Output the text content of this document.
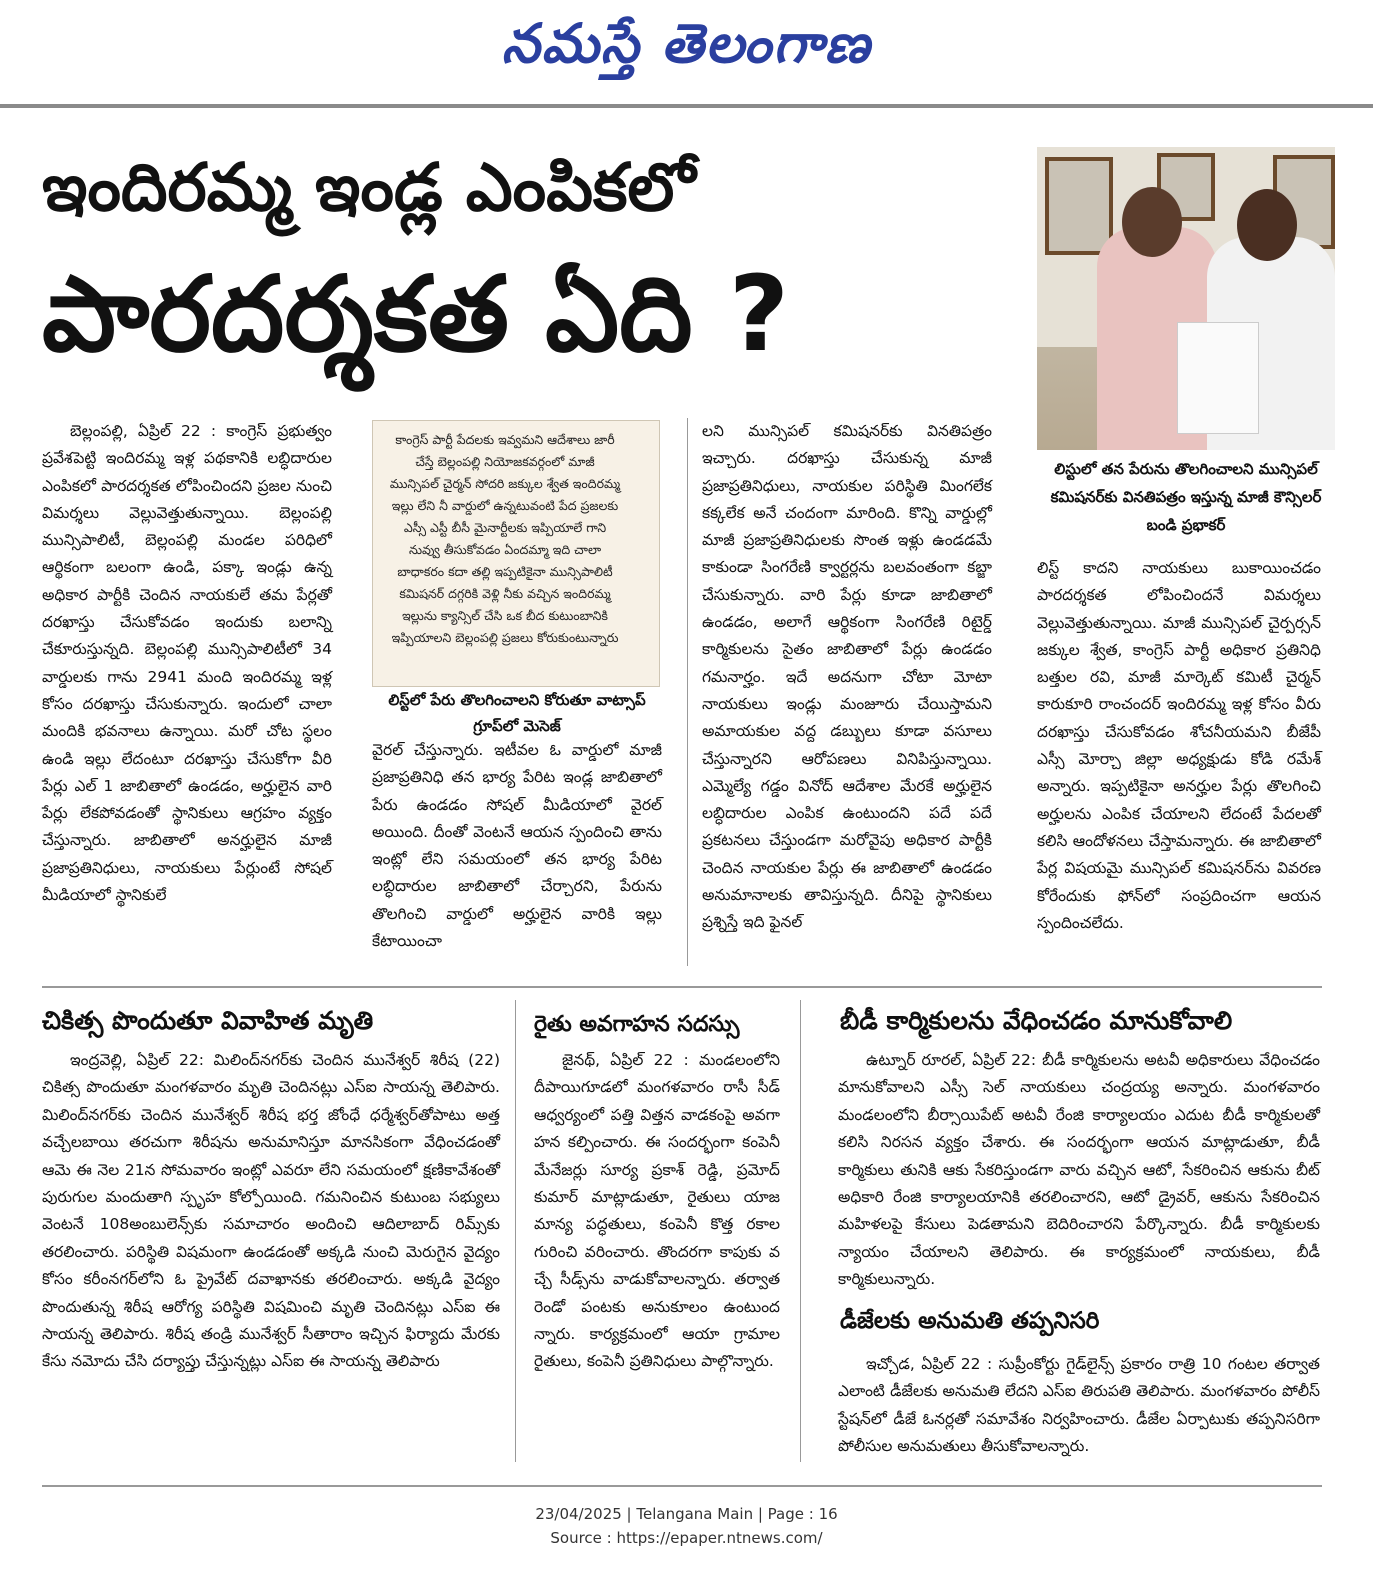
నమస్తే తెలంగాణ
ఇందిరమ్మ ఇండ్ల ఎంపికలో
పారదర్శకత ఏది ?
లిస్టులో తన పేరును తొలగించాలని మున్సిపల్ కమిషనర్‌కు వినతిపత్రం ఇస్తున్న మాజీ కౌన్సిలర్ బండి ప్రభాకర్

బెల్లంపల్లి, ఏప్రిల్ 22 : కాంగ్రెస్ ప్రభుత్వం ప్రవేశపెట్టి ఇందిరమ్మ ఇళ్ల పథకానికి లబ్ధిదారుల ఎంపికలో పారదర్శకత లోపించిందని ప్రజల నుంచి విమర్శలు వెల్లువెత్తుతున్నాయి. బెల్లంపల్లి మున్సిపాలిటీ, బెల్లంపల్లి మండల పరిధిలో ఆర్థికంగా బలంగా ఉండి, పక్కా ఇండ్లు ఉన్న అధికార పార్టీకి చెందిన నాయకులే తమ పేర్లతో దరఖాస్తు చేసుకోవడం ఇందుకు బలాన్ని చేకూరుస్తున్నది. బెల్లంపల్లి మున్సిపాలిటీలో 34 వార్డులకు గాను 2941 మంది ఇందిరమ్మ ఇళ్ల కోసం దరఖాస్తు చేసుకున్నారు. ఇందులో చాలా మందికి భవనాలు ఉన్నాయి. మరో చోట స్థలం ఉండి ఇల్లు లేదంటూ దరఖాస్తు చేసుకోగా వీరి పేర్లు ఎల్ 1 జాబితాలో ఉండడం, అర్హులైన వారి పేర్లు లేకపోవడంతో స్థానికులు ఆగ్రహం వ్యక్తం చేస్తున్నారు. జాబితాలో అనర్హులైన మాజీ ప్రజాప్రతినిధులు, నాయకులు పేర్లుంటే సోషల్ మీడియాలో స్థానికులే

కాంగ్రెస్ పార్టీ పేదలకు ఇవ్వమని ఆదేశాలు జారీ చేస్తే బెల్లంపల్లి నియోజకవర్గంలో మాజీ మున్సిపల్ చైర్మన్ సోదరి జక్కుల శ్వేత ఇందిరమ్మ ఇల్లు లేని నీ వార్డులో ఉన్నటువంటి పేద ప్రజలకు ఎస్సీ ఎస్టీ బీసీ మైనార్టీలకు ఇప్పియాలే గాని నువ్వు తీసుకోవడం ఏందమ్మా ఇది చాలా బాధాకరం కదా తల్లి ఇప్పటికైనా మున్సిపాలిటీ కమిషనర్ దగ్గరికి వెళ్లి నీకు వచ్చిన ఇందిరమ్మ ఇల్లును క్యాన్సిల్ చేసి ఒక బీద కుటుంబానికి ఇప్పియాలని బెల్లంపల్లి ప్రజలు కోరుకుంటున్నారు
లిస్ట్‌లో పేరు తొలగించాలని కోరుతూ వాట్సాప్ గ్రూప్‌లో మెసెజ్

వైరల్ చేస్తున్నారు. ఇటీవల ఓ వార్డులో మాజీ ప్రజాప్రతినిధి తన భార్య పేరిట ఇండ్ల జాబితాలో పేరు ఉండడం సోషల్ మీడియాలో వైరల్ అయింది. దీంతో వెంటనే ఆయన స్పందించి తాను ఇంట్లో లేని సమయంలో తన భార్య పేరిట లబ్ధిదారుల జాబితాలో చేర్చారని, పేరును తొలగించి వార్డులో అర్హులైన వారికి ఇల్లు కేటాయించా

లని మున్సిపల్ కమిషనర్‌కు వినతిపత్రం ఇచ్చారు. దరఖాస్తు చేసుకున్న మాజీ ప్రజాప్రతినిధులు, నాయకుల పరిస్థితి మింగలేక కక్కలేక అనే చందంగా మారింది. కొన్ని వార్డుల్లో మాజీ ప్రజాప్రతినిధులకు సొంత ఇళ్లు ఉండడమే కాకుండా సింగరేణి క్వార్టర్లను బలవంతంగా కబ్జా చేసుకున్నారు. వారి పేర్లు కూడా జాబితాలో ఉండడం, అలాగే ఆర్థికంగా సింగరేణి రిటైర్డ్ కార్మికులను సైతం జాబితాలో పేర్లు ఉండడం గమనార్హం. ఇదే అదనుగా చోటా మోటా నాయకులు ఇండ్లు మంజూరు చేయిస్తామని అమాయకుల వద్ద డబ్బులు కూడా వసూలు చేస్తున్నారని ఆరోపణలు వినిపిస్తున్నాయి. ఎమ్మెల్యే గడ్డం వినోద్ ఆదేశాల మేరకే అర్హులైన లబ్ధిదారుల ఎంపిక ఉంటుందని పదే పదే ప్రకటనలు చేస్తుండగా మరోవైపు అధికార పార్టీకి చెందిన నాయకుల పేర్లు ఈ జాబితాలో ఉండడం అనుమానాలకు తావిస్తున్నది. దీనిపై స్థానికులు ప్రశ్నిస్తే ఇది ఫైనల్

లిస్ట్ కాదని నాయకులు బుకాయించడం పారదర్శకత లోపించిందనే విమర్శలు వెల్లువెత్తుతున్నాయి. మాజీ మున్సిపల్ చైర్పర్సన్ జక్కుల శ్వేత, కాంగ్రెస్ పార్టీ అధికార ప్రతినిధి బత్తుల రవి, మాజీ మార్కెట్ కమిటీ చైర్మన్ కారుకూరి రాంచందర్ ఇందిరమ్మ ఇళ్ల కోసం వీరు దరఖాస్తు చేసుకోవడం శోచనీయమని బీజేపీ ఎస్సీ మోర్చా జిల్లా అధ్యక్షుడు కోడి రమేశ్ అన్నారు. ఇప్పటికైనా అనర్హుల పేర్లు తొలగించి అర్హులను ఎంపిక చేయాలని లేదంటే పేదలతో కలిసి ఆందోళనలు చేస్తామన్నారు. ఈ జాబితాలో పేర్ల విషయమై మున్సిపల్ కమిషనర్‌ను వివరణ కోరేందుకు ఫోన్‌లో సంప్రదించగా ఆయన స్పందించలేదు.

చికిత్స పొందుతూ వివాహిత మృతి

ఇంద్రవెల్లి, ఏప్రిల్ 22: మిలింద్‌నగర్‌కు చెందిన మునేశ్వర్ శిరీష (22) చికిత్స పొందుతూ మంగళవారం మృతి చెందినట్లు ఎస్ఐ సాయన్న తెలిపారు. మిలింద్‌నగర్‌కు చెందిన మునేశ్వర్ శిరీష భర్త జోంధే ధర్మేశ్వర్‌తోపాటు అత్త వచ్చేలబాయి తరచుగా శిరీషను అనుమానిస్తూ మానసికంగా వేధించడంతో ఆమె ఈ నెల 21న సోమవారం ఇంట్లో ఎవరూ లేని సమయంలో క్షణికావేశంతో పురుగుల మందుతాగి స్పృహ కోల్పోయింది. గమనించిన కుటుంబ సభ్యులు వెంటనే 108అంబులెన్స్‌కు సమాచారం అందించి ఆదిలాబాద్ రిమ్స్‌కు తరలించారు. పరిస్థితి విషమంగా ఉండడంతో అక్కడి నుంచి మెరుగైన వైద్యం కోసం కరీంనగర్‌లోని ఓ ప్రైవేట్ దవాఖానకు తరలించారు. అక్కడి వైద్యం పొందుతున్న శిరీష ఆరోగ్య పరిస్థితి విషమించి మృతి చెందినట్లు ఎస్ఐ ఈ సాయన్న తెలిపారు. శిరీష తండ్రి మునేశ్వర్ సీతారాం ఇచ్చిన ఫిర్యాదు మేరకు కేసు నమోదు చేసి దర్యాప్తు చేస్తున్నట్లు ఎస్ఐ ఈ సాయన్న తెలిపారు

రైతు అవగాహన సదస్సు

జైనథ్, ఏప్రిల్ 22 : మండలంలోని దీపాయిగూడలో మంగళవారం రాసీ సీడ్ ఆధ్వర్యంలో పత్తి విత్తన వాడకంపై అవగా హన కల్పించారు. ఈ సందర్భంగా కంపెనీ మేనేజర్లు సూర్య ప్రకాశ్ రెడ్డి, ప్రమోద్ కుమార్ మాట్లాడుతూ, రైతులు యాజ మాన్య పద్ధతులు, కంపెనీ కొత్త రకాల గురించి వరించారు. తొందరగా కాపుకు వ చ్చే సీడ్స్‌ను వాడుకోవాలన్నారు. తర్వాత రెండో పంటకు అనుకూలం ఉంటుంద న్నారు. కార్యక్రమంలో ఆయా గ్రామాల రైతులు, కంపెనీ ప్రతినిధులు పాల్గొన్నారు.

బీడీ కార్మికులను వేధించడం మానుకోవాలి

ఉట్నూర్ రూరల్, ఏప్రిల్ 22: బీడీ కార్మికులను అటవీ అధికారులు వేధించడం మానుకోవాలని ఎస్సీ సెల్ నాయకులు చంద్రయ్య అన్నారు. మంగళవారం మండలంలోని బీర్సాయిపేట్ అటవీ రేంజి కార్యాలయం ఎదుట బీడీ కార్మికులతో కలిసి నిరసన వ్యక్తం చేశారు. ఈ సందర్భంగా ఆయన మాట్లాడుతూ, బీడీ కార్మికులు తునికి ఆకు సేకరిస్తుండగా వారు వచ్చిన ఆటో, సేకరించిన ఆకును బీట్ అధికారి రేంజి కార్యాలయానికి తరలించారని, ఆటో డ్రైవర్, ఆకును సేకరించిన మహిళలపై కేసులు పెడతామని బెదిరించారని పేర్కొన్నారు. బీడీ కార్మికులకు న్యాయం చేయాలని తెలిపారు. ఈ కార్యక్రమంలో నాయకులు, బీడీ కార్మికులున్నారు.

డీజేలకు అనుమతి తప్పనిసరి

ఇచ్చోడ, ఏప్రిల్ 22 : సుప్రీంకోర్టు గైడ్‌లైన్స్ ప్రకారం రాత్రి 10 గంటల తర్వాత ఎలాంటి డీజేలకు అనుమతి లేదని ఎస్ఐ తిరుపతి తెలిపారు. మంగళవారం పోలీస్ స్టేషన్‌లో డీజే ఓనర్లతో సమావేశం నిర్వహించారు. డీజేల ఏర్పాటుకు తప్పనిసరిగా పోలీసుల అనుమతులు తీసుకోవాలన్నారు.

23/04/2025 | Telangana Main | Page : 16
Source : https://epaper.ntnews.com/
